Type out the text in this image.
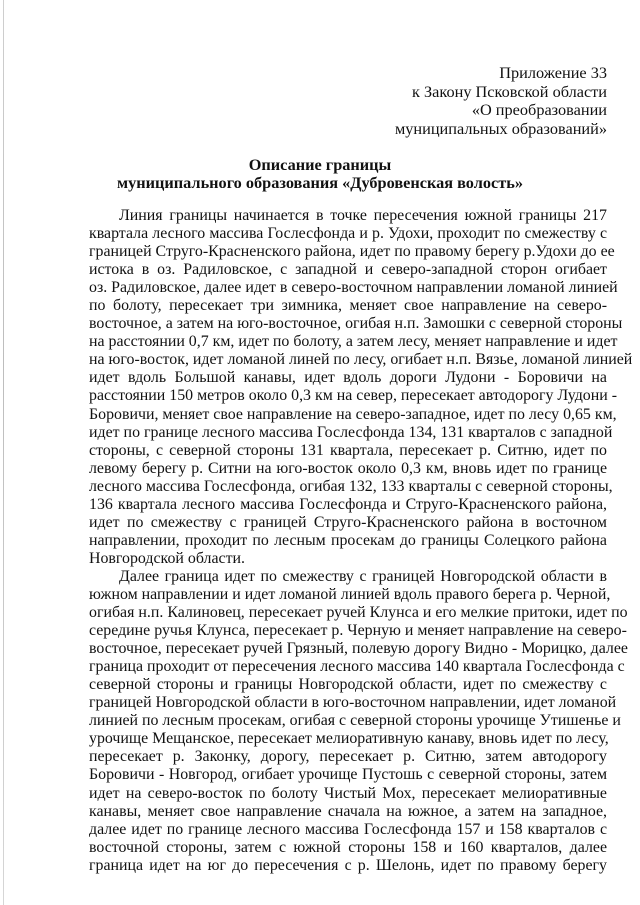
Приложение 33
к Закону Псковской области
«О преобразовании
муниципальных образований»
Описание границы
муниципального образования «Дубровенская волость»
Линия границы начинается в точке пересечения южной границы 217
квартала лесного массива Гослесфонда и р. Удохи, проходит по смежеству с
границей Струго-Красненского района, идет по правому берегу р.Удохи до ее
истока в оз. Радиловское, с западной и северо-западной сторон огибает
оз. Радиловское, далее идет в северо-восточном направлении ломаной линией
по болоту, пересекает три зимника, меняет свое направление на северо-
восточное, а затем на юго-восточное, огибая н.п. Замошки с северной стороны
на расстоянии 0,7 км, идет по болоту, а затем лесу, меняет направление и идет
на юго-восток, идет ломаной линей по лесу, огибает н.п. Вязье, ломаной линией
идет вдоль Большой канавы, идет вдоль дороги Лудони - Боровичи на
расстоянии 150 метров около 0,3 км на север, пересекает автодорогу Лудони -
Боровичи, меняет свое направление на северо-западное, идет по лесу 0,65 км,
идет по границе лесного массива Гослесфонда 134, 131 кварталов с западной
стороны, с северной стороны 131 квартала, пересекает р. Ситню, идет по
левому берегу р. Ситни на юго-восток около 0,3 км, вновь идет по границе
лесного массива Гослесфонда, огибая 132, 133 кварталы с северной стороны,
136 квартала лесного массива Гослесфонда и Струго-Красненского района,
идет по смежеству с границей Струго-Красненского района в восточном
направлении, проходит по лесным просекам до границы Солецкого района
Новгородской области.
Далее граница идет по смежеству с границей Новгородской области в
южном направлении и идет ломаной линией вдоль правого берега р. Черной,
огибая н.п. Калиновец, пересекает ручей Клунса и его мелкие притоки, идет по
середине ручья Клунса, пересекает р. Черную и меняет направление на северо-
восточное, пересекает ручей Грязный, полевую дорогу Видно - Морицко, далее
граница проходит от пересечения лесного массива 140 квартала Гослесфонда с
северной стороны и границы Новгородской области, идет по смежеству с
границей Новгородской области в юго-восточном направлении, идет ломаной
линией по лесным просекам, огибая с северной стороны урочище Утишенье и
урочище Мещанское, пересекает мелиоративную канаву, вновь идет по лесу,
пересекает р. Законку, дорогу, пересекает р. Ситню, затем автодорогу
Боровичи - Новгород, огибает урочище Пустошь с северной стороны, затем
идет на северо-восток по болоту Чистый Мох, пересекает мелиоративные
канавы, меняет свое направление сначала на южное, а затем на западное,
далее идет по границе лесного массива Гослесфонда 157 и 158 кварталов с
восточной стороны, затем с южной стороны 158 и 160 кварталов, далее
граница идет на юг до пересечения с р. Шелонь, идет по правому берегу
